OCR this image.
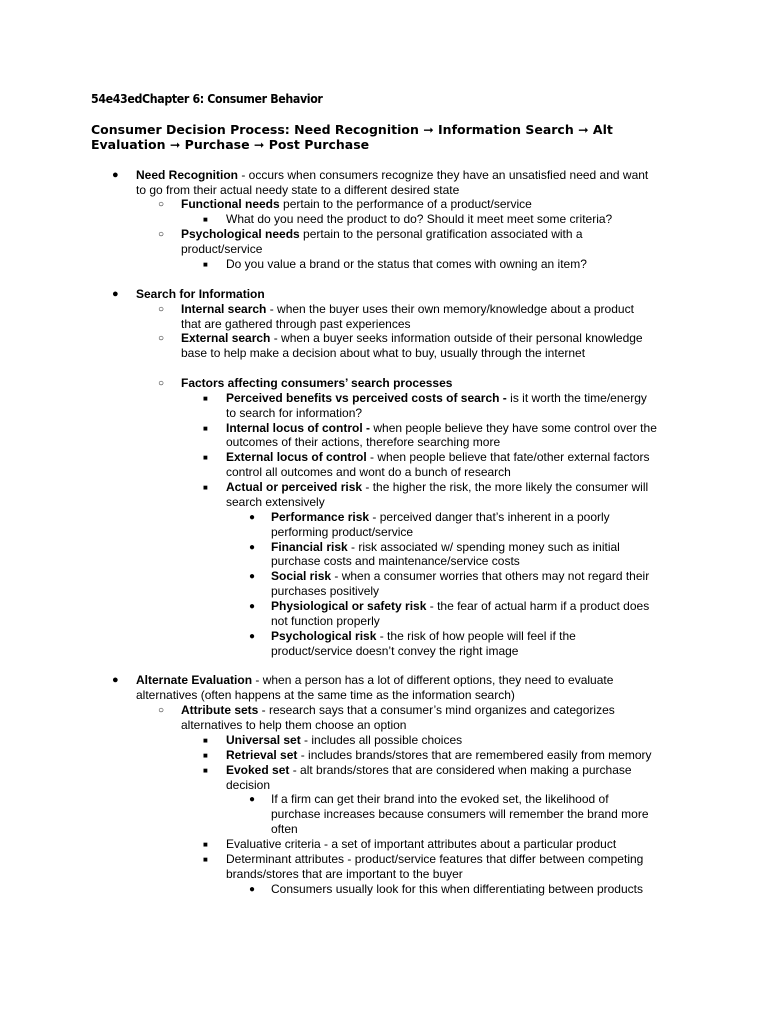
54e43edChapter 6: Consumer Behavior
Consumer Decision Process: Need Recognition ➞ Information Search ➞ Alt Evaluation ➞ Purchase ➞ Post Purchase
● Need Recognition - occurs when consumers recognize they have an unsatisfied need and want
to go from their actual needy state to a different desired state
○ Functional needs pertain to the performance of a product/service
■ What do you need the product to do? Should it meet meet some criteria?
○ Psychological needs pertain to the personal gratification associated with a
product/service
■ Do you value a brand or the status that comes with owning an item?
● Search for Information
○ Internal search - when the buyer uses their own memory/knowledge about a product
that are gathered through past experiences
○ External search - when a buyer seeks information outside of their personal knowledge
base to help make a decision about what to buy, usually through the internet
○ Factors affecting consumers’ search processes
■ Perceived benefits vs perceived costs of search - is it worth the time/energy
to search for information?
■ Internal locus of control - when people believe they have some control over the
outcomes of their actions, therefore searching more
■ External locus of control - when people believe that fate/other external factors
control all outcomes and wont do a bunch of research
■ Actual or perceived risk - the higher the risk, the more likely the consumer will
search extensively
● Performance risk - perceived danger that’s inherent in a poorly
performing product/service
● Financial risk - risk associated w/ spending money such as initial
purchase costs and maintenance/service costs
● Social risk - when a consumer worries that others may not regard their
purchases positively
● Physiological or safety risk - the fear of actual harm if a product does
not function properly
● Psychological risk - the risk of how people will feel if the
product/service doesn’t convey the right image
● Alternate Evaluation - when a person has a lot of different options, they need to evaluate
alternatives (often happens at the same time as the information search)
○ Attribute sets - research says that a consumer’s mind organizes and categorizes
alternatives to help them choose an option
■ Universal set - includes all possible choices
■ Retrieval set - includes brands/stores that are remembered easily from memory
■ Evoked set - alt brands/stores that are considered when making a purchase
decision
● If a firm can get their brand into the evoked set, the likelihood of
purchase increases because consumers will remember the brand more
often
■ Evaluative criteria - a set of important attributes about a particular product
■ Determinant attributes - product/service features that differ between competing
brands/stores that are important to the buyer
● Consumers usually look for this when differentiating between products
